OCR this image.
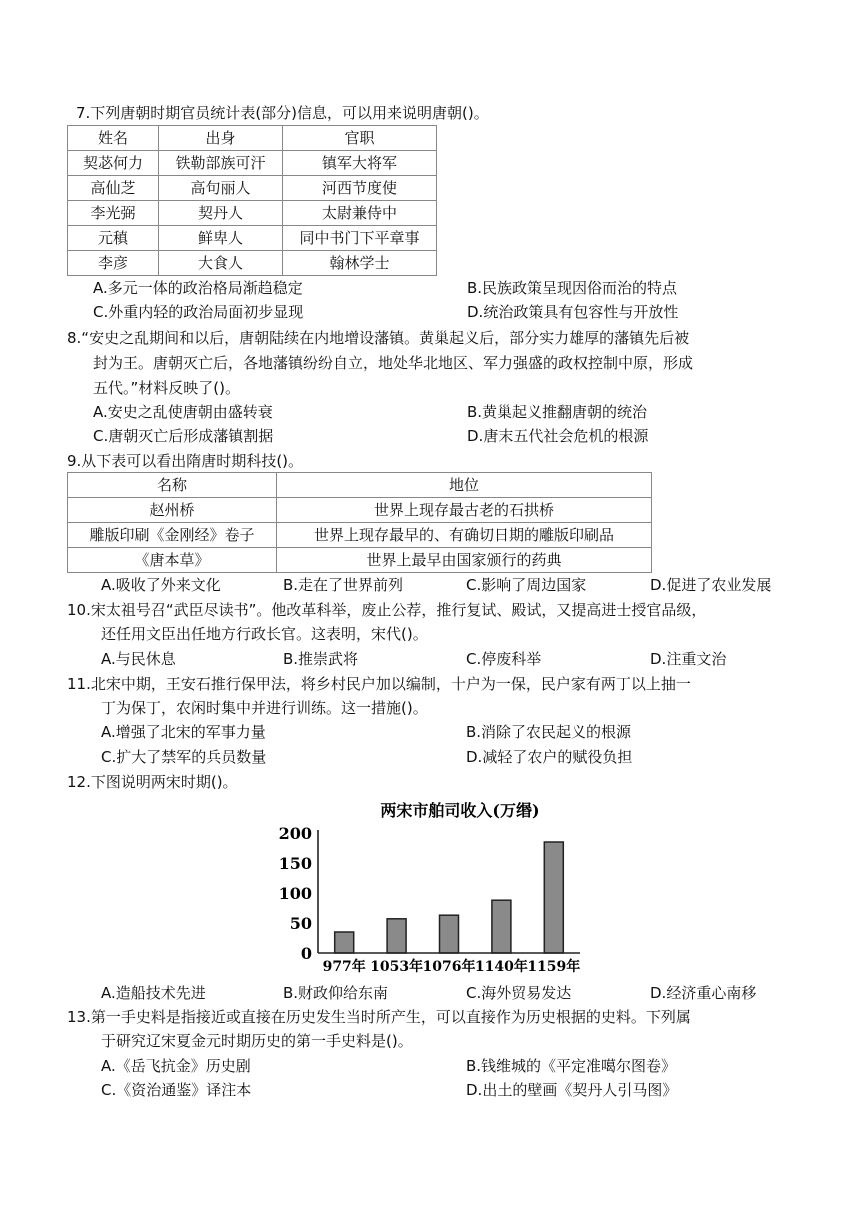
7.下列唐朝时期官员统计表(部分)信息，可以用来说明唐朝()。
姓名	出身	官职
契苾何力	铁勒部族可汗	镇军大将军
高仙芝	高句丽人	河西节度使
李光弼	契丹人	太尉兼侍中
元稹	鲜卑人	同中书门下平章事
李彦	大食人	翰林学士
A.多元一体的政治格局渐趋稳定	B.民族政策呈现因俗而治的特点
C.外重内轻的政治局面初步显现	D.统治政策具有包容性与开放性
8.“安史之乱期间和以后，唐朝陆续在内地增设藩镇。黄巢起义后，部分实力雄厚的藩镇先后被
封为王。唐朝灭亡后，各地藩镇纷纷自立，地处华北地区、军力强盛的政权控制中原，形成
五代。”材料反映了()。
A.安史之乱使唐朝由盛转衰	B.黄巢起义推翻唐朝的统治
C.唐朝灭亡后形成藩镇割据	D.唐末五代社会危机的根源
9.从下表可以看出隋唐时期科技()。
名称	地位
赵州桥	世界上现存最古老的石拱桥
雕版印刷《金刚经》卷子	世界上现存最早的、有确切日期的雕版印刷品
《唐本草》	世界上最早由国家颁行的药典
A.吸收了外来文化	B.走在了世界前列	C.影响了周边国家	D.促进了农业发展
10.宋太祖号召“武臣尽读书”。他改革科举，废止公荐，推行复试、殿试，又提高进士授官品级，
还任用文臣出任地方行政长官。这表明，宋代()。
A.与民休息	B.推崇武将	C.停废科举	D.注重文治
11.北宋中期，王安石推行保甲法，将乡村民户加以编制，十户为一保，民户家有两丁以上抽一
丁为保丁，农闲时集中并进行训练。这一措施()。
A.增强了北宋的军事力量	B.消除了农民起义的根源
C.扩大了禁军的兵员数量	D.减轻了农户的赋役负担
12.下图说明两宋时期()。
两宋市舶司收入(万缗)
0
50
100
150
200
977年 1053年 1076年 1140年 1159年
A.造船技术先进	B.财政仰给东南	C.海外贸易发达	D.经济重心南移
13.第一手史料是指接近或直接在历史发生当时所产生，可以直接作为历史根据的史料。下列属
于研究辽宋夏金元时期历史的第一手史料是()。
A.《岳飞抗金》历史剧	B.钱维城的《平定准噶尔图卷》
C.《资治通鉴》译注本	D.出土的壁画《契丹人引马图》
